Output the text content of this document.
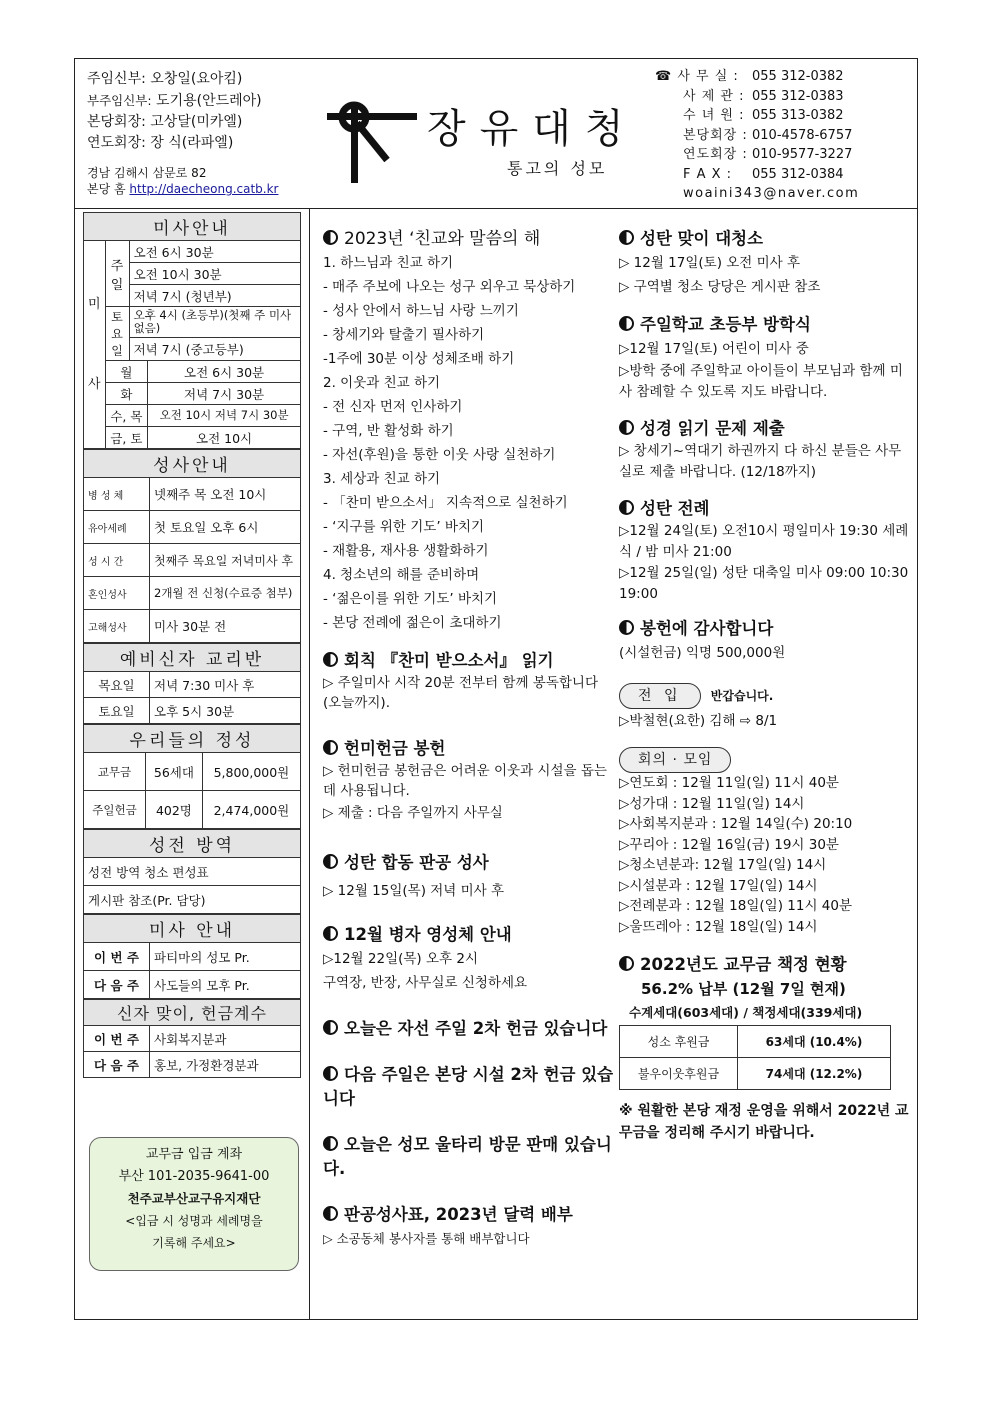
주임신부: 오창일(요아킴)
부주임신부: 도기용(안드레아)
본당회장: 고상달(미카엘)
연도회장: 장 식(라파엘)
경남 김해시 삼문로 82
본당 홈 http://daecheong.catb.kr
장유대청
통고의 성모
☎ 사 무 실 :	055 312-0382
사 제 관 : 055 312-0383
수 녀 원 : 055 313-0382
본당회장 : 010-4578-6757
연도회장 : 010-9577-3227
F A X :	055 312-0384
woaini343@naver.com
미사안내			
미사	주일	오전 6시 30분	
		오전 10시 30분	
		저녁 7시 (청년부)	
	토요일	오후 4시 (초등부)(첫째 주 미사 없음)	
		저녁 7시 (중고등부)	
	월		오전 6시 30분
	화		저녁 7시 30분
	수, 목		오전 10시 저녁 7시 30분
	금, 토		오전 10시
성사안내	
병 성 체	넷째주 목 오전 10시
유아세례	첫 토요일 오후 6시
성 시 간	첫째주 목요일 저녁미사 후
혼인성사	2개월 전 신청(수료증 첨부)
고해성사	미사 30분 전
예비신자 교리반	
목요일	저녁 7:30 미사 후
토요일	오후 5시 30분
우리들의 정성		
교무금	56세대	5,800,000원
주일헌금	402명	2,474,000원
성전 방역
성전 방역 청소 편성표
게시판 참조(Pr. 담당)
미사 안내	
이 번 주	파티마의 성모 Pr.
다 음 주	사도들의 모후 Pr.
신자 맞이, 헌금계수	
이 번 주	사회복지분과
다 음 주	홍보, 가정환경분과
교무금 입금 계좌
부산 101-2035-9641-00
천주교부산교구유지재단
<입금 시 성명과 세례명을
기록해 주세요>
2023년 ‘친교와 말씀의 해
1. 하느님과 친교 하기
- 매주 주보에 나오는 성구 외우고 묵상하기
- 성사 안에서 하느님 사랑 느끼기
- 창세기와 탈출기 필사하기
-1주에 30분 이상 성체조배 하기
2. 이웃과 친교 하기
- 전 신자 먼저 인사하기
- 구역, 반 활성화 하기
- 자선(후원)을 통한 이웃 사랑 실천하기
3. 세상과 친교 하기
- 「찬미 받으소서」 지속적으로 실천하기
- ‘지구를 위한 기도’ 바치기
- 재활용, 재사용 생활화하기
4. 청소년의 해를 준비하며
- ‘젊은이를 위한 기도’ 바치기
- 본당 전례에 젊은이 초대하기
회칙 『찬미 받으소서』 읽기
▷ 주일미사 시작 20분 전부터 함께 봉독합니다(오늘까지).
헌미헌금 봉헌
▷ 헌미헌금 봉헌금은 어려운 이웃과 시설을 돕는 데 사용됩니다.
▷ 제출 : 다음 주일까지 사무실
성탄 합동 판공 성사
▷ 12월 15일(목) 저녁 미사 후
12월 병자 영성체 안내
▷12월 22일(목) 오후 2시
구역장, 반장, 사무실로 신청하세요
오늘은 자선 주일 2차 헌금 있습니다
다음 주일은 본당 시설 2차 헌금 있습니다
오늘은 성모 울타리 방문 판매 있습니다.
판공성사표, 2023년 달력 배부
▷ 소공동체 봉사자를 통해 배부합니다
성탄 맞이 대청소
▷ 12월 17일(토) 오전 미사 후
▷ 구역별 청소 당당은 게시판 참조
주일학교 초등부 방학식
▷12월 17일(토) 어린이 미사 중
▷방학 중에 주일학교 아이들이 부모님과 함께 미사 참례할 수 있도록 지도 바랍니다.
성경 읽기 문제 제출
▷ 창세기~역대기 하권까지 다 하신 분들은 사무실로 제출 바랍니다. (12/18까지)
성탄 전례
▷12월 24일(토) 오전10시 평일미사 19:30 세례식 / 밤 미사 21:00
▷12월 25일(일) 성탄 대축일 미사 09:00 10:30 19:00
봉헌에 감사합니다
(시설헌금) 익명 500,000원
전 입 반갑습니다.
▷박철현(요한) 김해 ⇨ 8/1
회의 · 모임
▷연도회 : 12월 11일(일) 11시 40분
▷성가대 : 12월 11일(일) 14시
▷사회복지분과 : 12월 14일(수) 20:10
▷꾸리아 : 12월 16일(금) 19시 30분
▷청소년분과: 12월 17일(일) 14시
▷시설분과 : 12월 17일(일) 14시
▷전례분과 : 12월 18일(일) 11시 40분
▷울뜨레아 : 12월 18일(일) 14시
2022년도 교무금 책정 현황
56.2% 납부 (12월 7일 현재)
수계세대(603세대) / 책정세대(339세대)
성소 후원금	63세대 (10.4%)
불우이웃후원금	74세대 (12.2%)
※ 원활한 본당 재정 운영을 위해서 2022년 교무금을 정리해 주시기 바랍니다.
